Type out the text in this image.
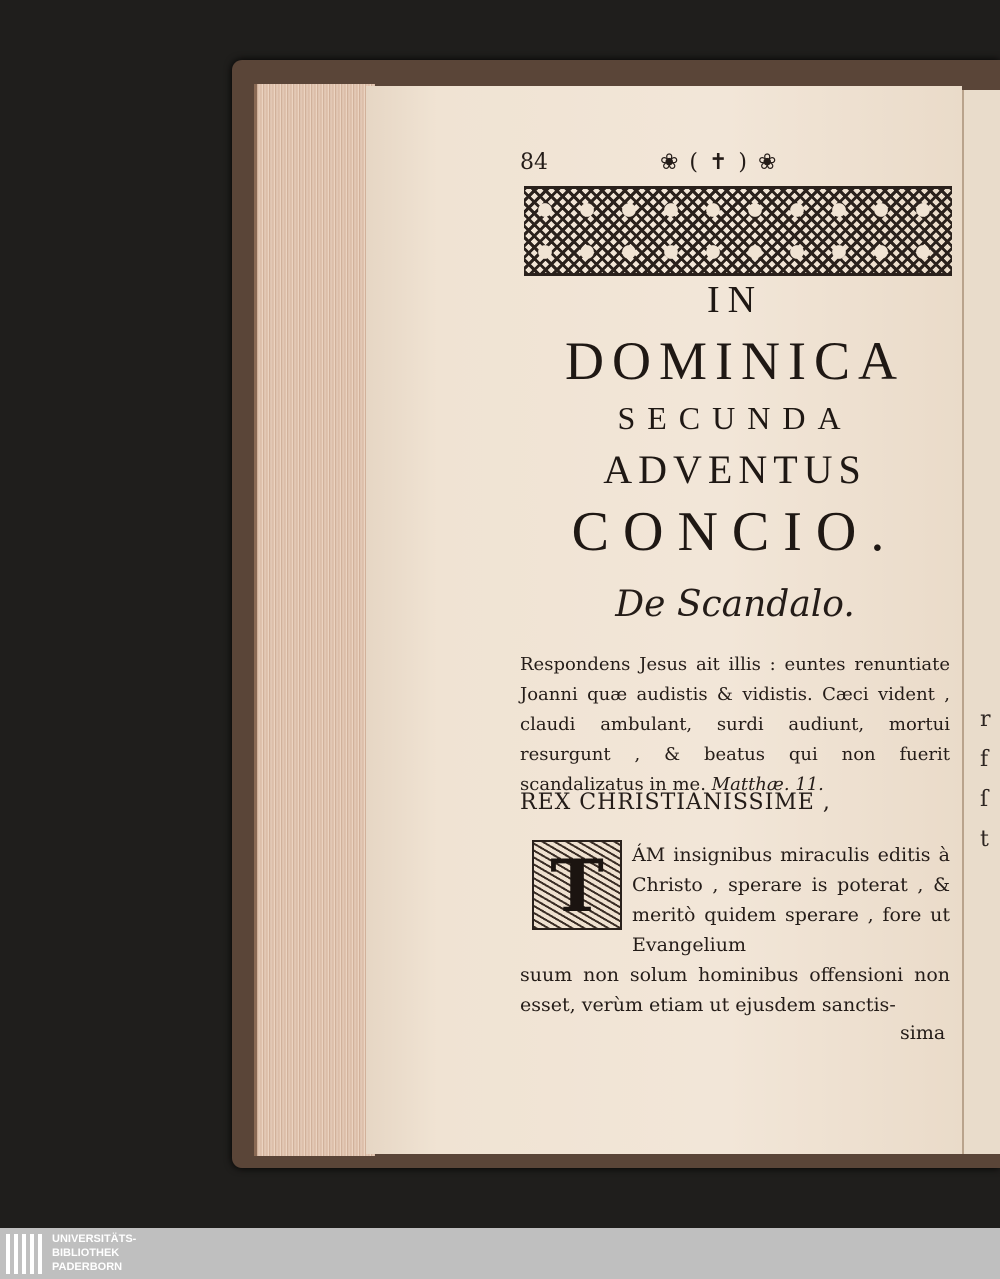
r f ſ t
84	❀ ( ✝ ) ❀
IN
DOMINICA
SECUNDA
ADVENTUS
CONCIO.
De Scandalo.
Respondens Jesus ait illis : euntes renuntiate Joanni quæ audistis & vidistis. Cæci vident , claudi ambulant, surdi audiunt, mortui resurgunt , & beatus qui non fuerit scandalizatus in me. Matthæ. 11.
REX CHRISTIANISSIME ,
T	ÁM insignibus miraculis editis à Christo , sperare is poterat , & meritò quidem sperare , fore ut Evangelium
suum non solum hominibus offensioni non esset, verùm etiam ut ejusdem sanctis-
sima
UNIVERSITÄTS-
BIBLIOTHEK
PADERBORN
